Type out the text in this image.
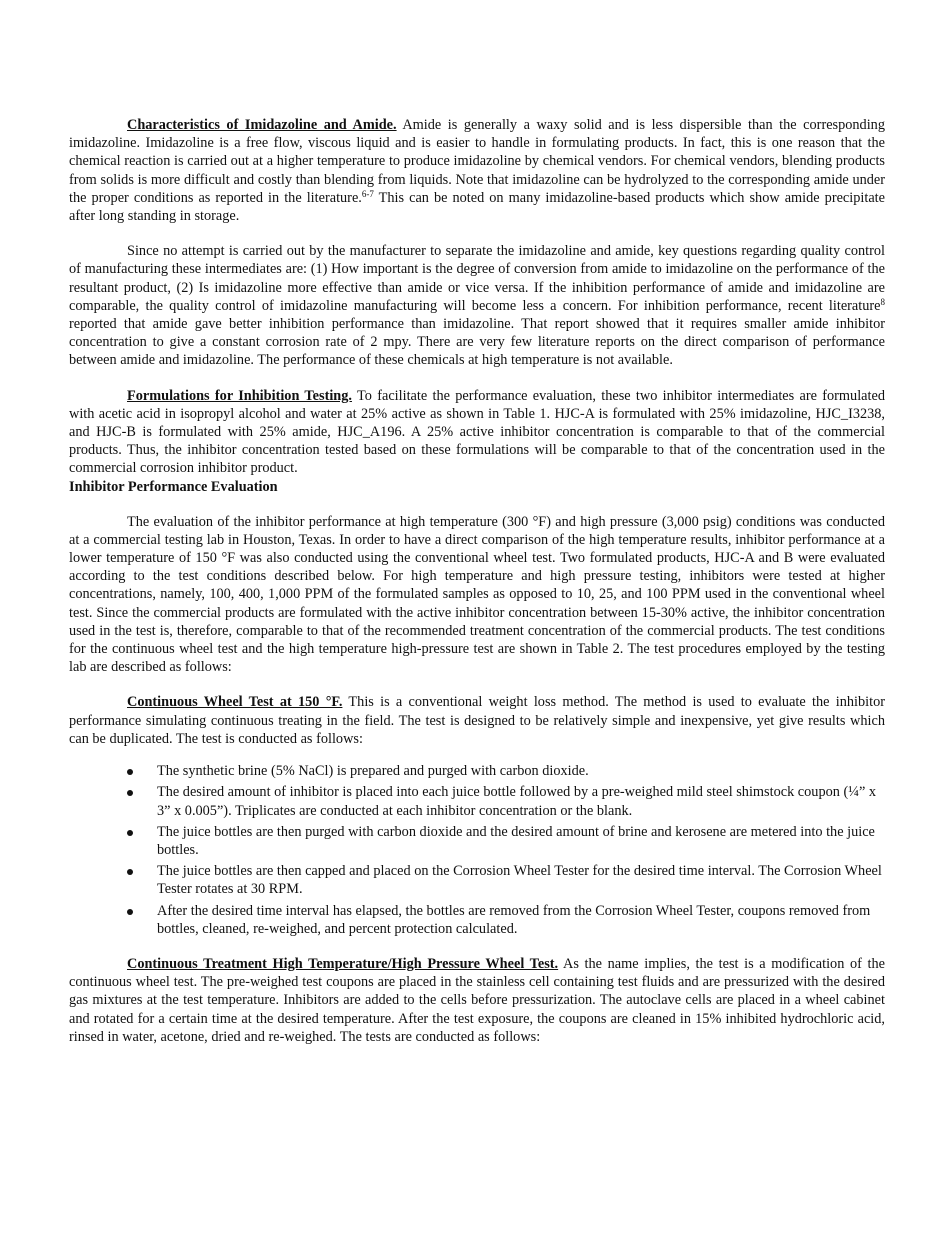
Characteristics of Imidazoline and Amide. Amide is generally a waxy solid and is less dispersible than the corresponding imidazoline. Imidazoline is a free flow, viscous liquid and is easier to handle in formulating products. In fact, this is one reason that the chemical reaction is carried out at a higher temperature to produce imidazoline by chemical vendors. For chemical vendors, blending products from solids is more difficult and costly than blending from liquids. Note that imidazoline can be hydrolyzed to the corresponding amide under the proper conditions as reported in the literature.$^{6-7}$ This can be noted on many imidazoline-based products which show amide precipitate after long standing in storage.

Since no attempt is carried out by the manufacturer to separate the imidazoline and amide, key questions regarding quality control of manufacturing these intermediates are: (1) How important is the degree of conversion from amide to imidazoline on the performance of the resultant product, (2) Is imidazoline more effective than amide or vice versa. If the inhibition performance of amide and imidazoline are comparable, the quality control of imidazoline manufacturing will become less a concern. For inhibition performance, recent literature$^8$ reported that amide gave better inhibition performance than imidazoline. That report showed that it requires smaller amide inhibitor concentration to give a constant corrosion rate of 2 mpy. There are very few literature reports on the direct comparison of performance between amide and imidazoline. The performance of these chemicals at high temperature is not available.

Formulations for Inhibition Testing. To facilitate the performance evaluation, these two inhibitor intermediates are formulated with acetic acid in isopropyl alcohol and water at 25% active as shown in Table 1. HJC-A is formulated with 25% imidazoline, HJC_I3238, and HJC-B is formulated with 25% amide, HJC_A196. A 25% active inhibitor concentration is comparable to that of the commercial products. Thus, the inhibitor concentration tested based on these formulations will be comparable to that of the concentration used in the commercial corrosion inhibitor product.

Inhibitor Performance Evaluation

The evaluation of the inhibitor performance at high temperature (300 °F) and high pressure (3,000 psig) conditions was conducted at a commercial testing lab in Houston, Texas. In order to have a direct comparison of the high temperature results, inhibitor performance at a lower temperature of 150 °F was also conducted using the conventional wheel test. Two formulated products, HJC-A and B were evaluated according to the test conditions described below. For high temperature and high pressure testing, inhibitors were tested at higher concentrations, namely, 100, 400, 1,000 PPM of the formulated samples as opposed to 10, 25, and 100 PPM used in the conventional wheel test. Since the commercial products are formulated with the active inhibitor concentration between 15-30% active, the inhibitor concentration used in the test is, therefore, comparable to that of the recommended treatment concentration of the commercial products. The test conditions for the continuous wheel test and the high temperature high-pressure test are shown in Table 2. The test procedures employed by the testing lab are described as follows:

Continuous Wheel Test at 150 °F. This is a conventional weight loss method. The method is used to evaluate the inhibitor performance simulating continuous treating in the field. The test is designed to be relatively simple and inexpensive, yet give results which can be duplicated. The test is conducted as follows:

The synthetic brine (5% NaCl) is prepared and purged with carbon dioxide.
The desired amount of inhibitor is placed into each juice bottle followed by a pre-weighed mild steel shimstock coupon (¼” x 3” x 0.005”). Triplicates are conducted at each inhibitor concentration or the blank.
The juice bottles are then purged with carbon dioxide and the desired amount of brine and kerosene are metered into the juice bottles.
The juice bottles are then capped and placed on the Corrosion Wheel Tester for the desired time interval. The Corrosion Wheel Tester rotates at 30 RPM.
After the desired time interval has elapsed, the bottles are removed from the Corrosion Wheel Tester, coupons removed from bottles, cleaned, re-weighed, and percent protection calculated.

Continuous Treatment High Temperature/High Pressure Wheel Test. As the name implies, the test is a modification of the continuous wheel test. The pre-weighed test coupons are placed in the stainless cell containing test fluids and are pressurized with the desired gas mixtures at the test temperature. Inhibitors are added to the cells before pressurization. The autoclave cells are placed in a wheel cabinet and rotated for a certain time at the desired temperature. After the test exposure, the coupons are cleaned in 15% inhibited hydrochloric acid, rinsed in water, acetone, dried and re-weighed. The tests are conducted as follows:
